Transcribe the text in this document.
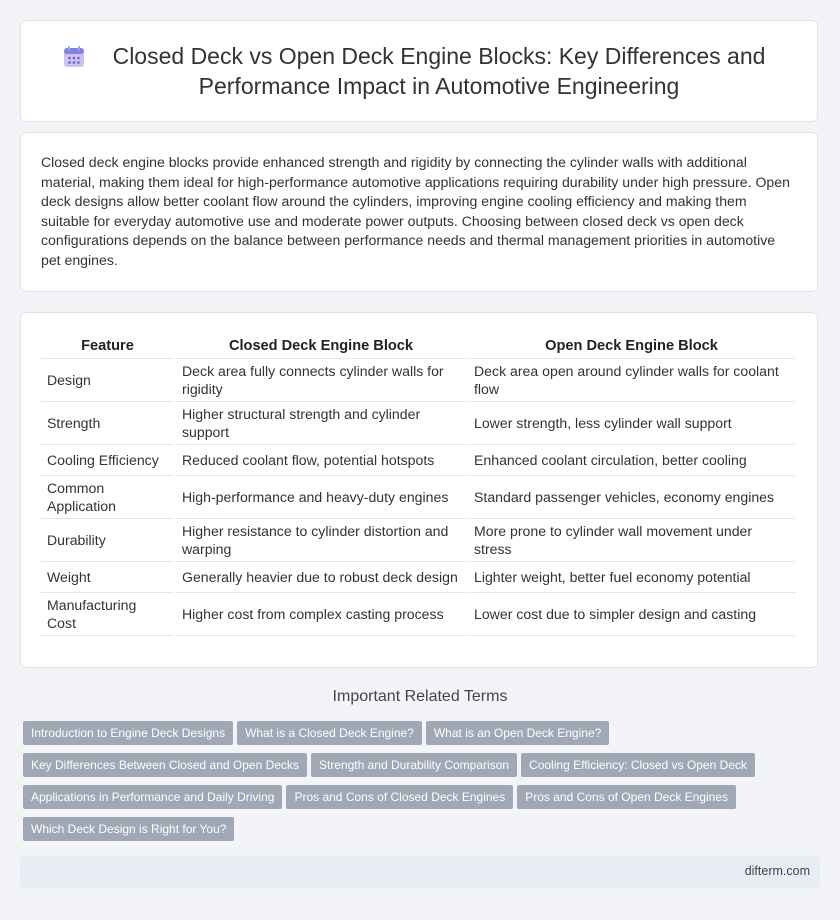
Closed Deck vs Open Deck Engine Blocks: Key Differences and Performance Impact in Automotive Engineering

Closed deck engine blocks provide enhanced strength and rigidity by connecting the cylinder walls with additional material, making them ideal for high-performance automotive applications requiring durability under high pressure. Open deck designs allow better coolant flow around the cylinders, improving engine cooling efficiency and making them suitable for everyday automotive use and moderate power outputs. Choosing between closed deck vs open deck configurations depends on the balance between performance needs and thermal management priorities in automotive pet engines.

Feature	Closed Deck Engine Block	Open Deck Engine Block
Design	Deck area fully connects cylinder walls for rigidity	Deck area open around cylinder walls for coolant flow
Strength	Higher structural strength and cylinder support	Lower strength, less cylinder wall support
Cooling Efficiency	Reduced coolant flow, potential hotspots	Enhanced coolant circulation, better cooling
Common Application	High-performance and heavy-duty engines	Standard passenger vehicles, economy engines
Durability	Higher resistance to cylinder distortion and warping	More prone to cylinder wall movement under stress
Weight	Generally heavier due to robust deck design	Lighter weight, better fuel economy potential
Manufacturing Cost	Higher cost from complex casting process	Lower cost due to simpler design and casting
Important Related Terms
Introduction to Engine Deck Designs What is a Closed Deck Engine? What is an Open Deck Engine?
Key Differences Between Closed and Open Decks Strength and Durability Comparison Cooling Efficiency: Closed vs Open Deck
Applications in Performance and Daily Driving Pros and Cons of Closed Deck Engines Pros and Cons of Open Deck Engines
Which Deck Design is Right for You?
difterm.com
